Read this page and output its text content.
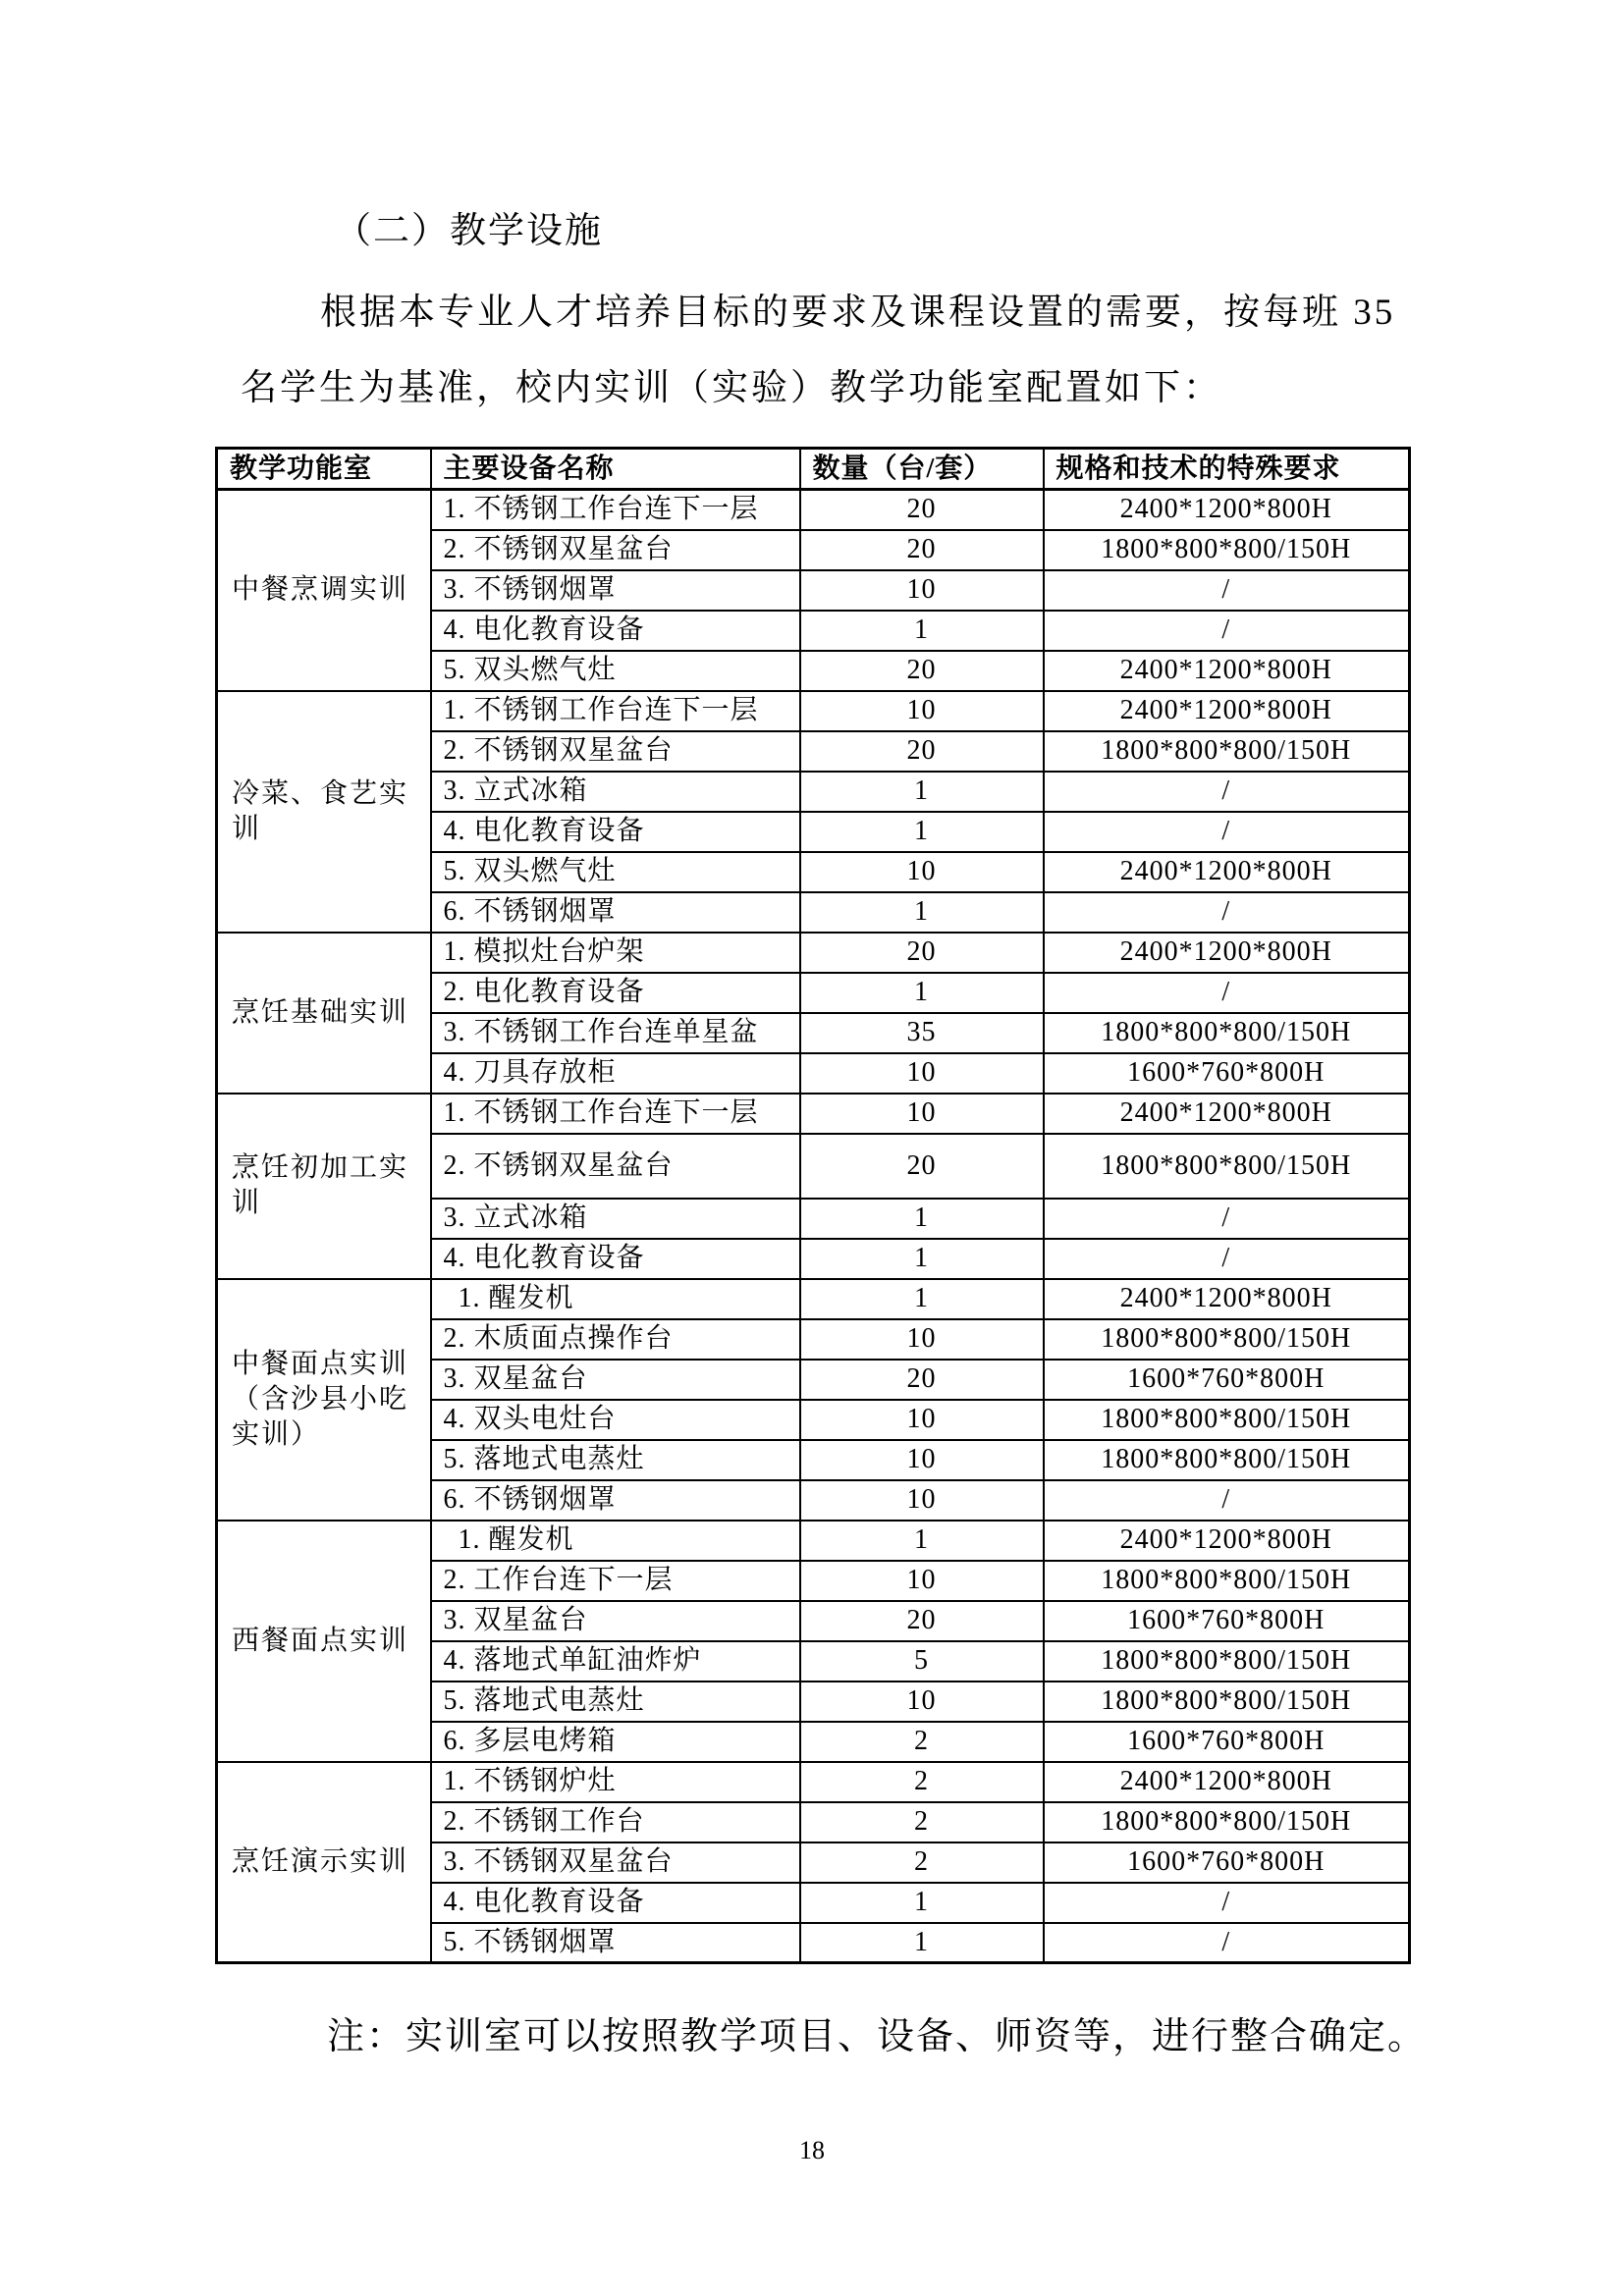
（二）教学设施
根据本专业人才培养目标的要求及课程设置的需要，按每班 35
名学生为基准，校内实训（实验）教学功能室配置如下：
教学功能室	主要设备名称	数量（台/套）	规格和技术的特殊要求
中餐烹调实训	1. 不锈钢工作台连下一层	20	2400*1200*800H
	2. 不锈钢双星盆台	20	1800*800*800/150H
	3. 不锈钢烟罩	10	/
	4. 电化教育设备	1	/
	5. 双头燃气灶	20	2400*1200*800H
冷菜、食艺实训	1. 不锈钢工作台连下一层	10	2400*1200*800H
	2. 不锈钢双星盆台	20	1800*800*800/150H
	3. 立式冰箱	1	/
	4. 电化教育设备	1	/
	5. 双头燃气灶	10	2400*1200*800H
	6. 不锈钢烟罩	1	/
烹饪基础实训	1. 模拟灶台炉架	20	2400*1200*800H
	2. 电化教育设备	1	/
	3. 不锈钢工作台连单星盆	35	1800*800*800/150H
	4. 刀具存放柜	10	1600*760*800H
烹饪初加工实训	1. 不锈钢工作台连下一层	10	2400*1200*800H
	2. 不锈钢双星盆台	20	1800*800*800/150H
	3. 立式冰箱	1	/
	4. 电化教育设备	1	/
中餐面点实训（含沙县小吃实训）	 1. 醒发机	1	2400*1200*800H
	2. 木质面点操作台	10	1800*800*800/150H
	3. 双星盆台	20	1600*760*800H
	4. 双头电灶台	10	1800*800*800/150H
	5. 落地式电蒸灶	10	1800*800*800/150H
	6. 不锈钢烟罩	10	/
西餐面点实训	 1. 醒发机	1	2400*1200*800H
	2. 工作台连下一层	10	1800*800*800/150H
	3. 双星盆台	20	1600*760*800H
	4. 落地式单缸油炸炉	5	1800*800*800/150H
	5. 落地式电蒸灶	10	1800*800*800/150H
	6. 多层电烤箱	2	1600*760*800H
烹饪演示实训	1. 不锈钢炉灶	2	2400*1200*800H
	2. 不锈钢工作台	2	1800*800*800/150H
	3. 不锈钢双星盆台	2	1600*760*800H
	4. 电化教育设备	1	/
	5. 不锈钢烟罩	1	/
注：实训室可以按照教学项目、设备、师资等，进行整合确定。
18
